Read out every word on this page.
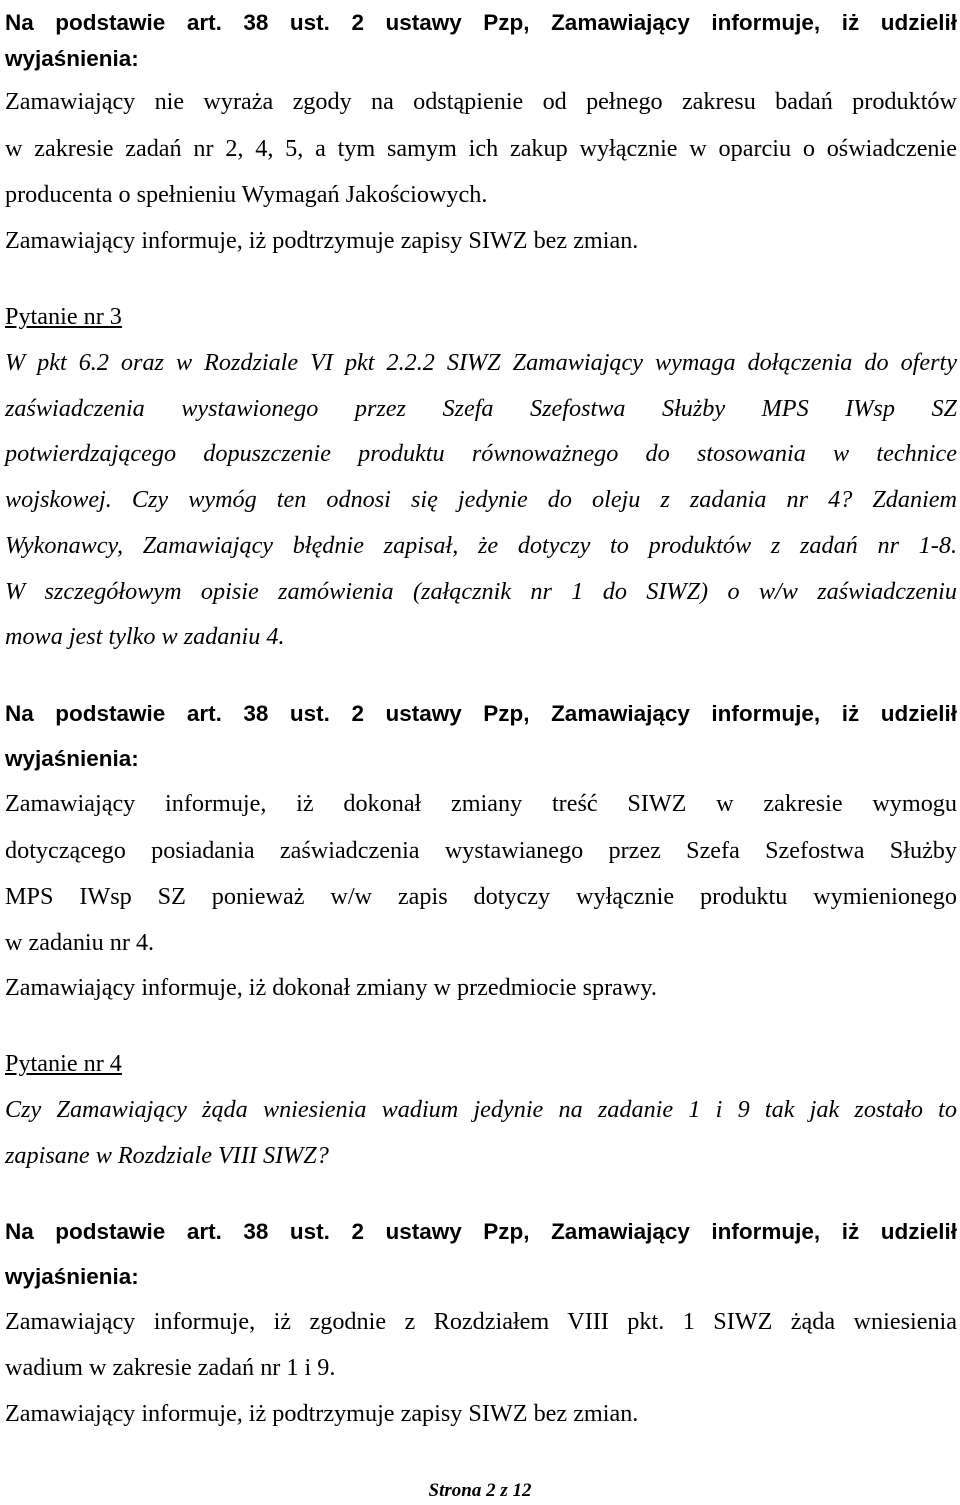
Na podstawie art. 38 ust. 2 ustawy Pzp, Zamawiający informuje, iż udzielił
wyjaśnienia:
Zamawiający nie wyraża zgody na odstąpienie od pełnego zakresu badań produktów
w zakresie zadań nr 2, 4, 5, a tym samym ich zakup wyłącznie w oparciu o oświadczenie
producenta o spełnieniu Wymagań Jakościowych.
Zamawiający informuje, iż podtrzymuje zapisy SIWZ bez zmian.
Pytanie nr 3
W pkt 6.2 oraz w Rozdziale VI pkt 2.2.2 SIWZ Zamawiający wymaga dołączenia do oferty
zaświadczenia wystawionego przez Szefa Szefostwa Służby MPS IWsp SZ
potwierdzającego dopuszczenie produktu równoważnego do stosowania w technice
wojskowej. Czy wymóg ten odnosi się jedynie do oleju z zadania nr 4? Zdaniem
Wykonawcy, Zamawiający błędnie zapisał, że dotyczy to produktów z zadań nr 1-8.
W szczegółowym opisie zamówienia (załącznik nr 1 do SIWZ) o w/w zaświadczeniu
mowa jest tylko w zadaniu 4.
Na podstawie art. 38 ust. 2 ustawy Pzp, Zamawiający informuje, iż udzielił
wyjaśnienia:
Zamawiający informuje, iż dokonał zmiany treść SIWZ w zakresie wymogu
dotyczącego posiadania zaświadczenia wystawianego przez Szefa Szefostwa Służby
MPS IWsp SZ ponieważ w/w zapis dotyczy wyłącznie produktu wymienionego
w zadaniu nr 4.
Zamawiający informuje, iż dokonał zmiany w przedmiocie sprawy.
Pytanie nr 4
Czy Zamawiający żąda wniesienia wadium jedynie na zadanie 1 i 9 tak jak zostało to
zapisane w Rozdziale VIII SIWZ?
Na podstawie art. 38 ust. 2 ustawy Pzp, Zamawiający informuje, iż udzielił
wyjaśnienia:
Zamawiający informuje, iż zgodnie z Rozdziałem VIII pkt. 1 SIWZ żąda wniesienia
wadium w zakresie zadań nr 1 i 9.
Zamawiający informuje, iż podtrzymuje zapisy SIWZ bez zmian.
Strona 2 z 12
